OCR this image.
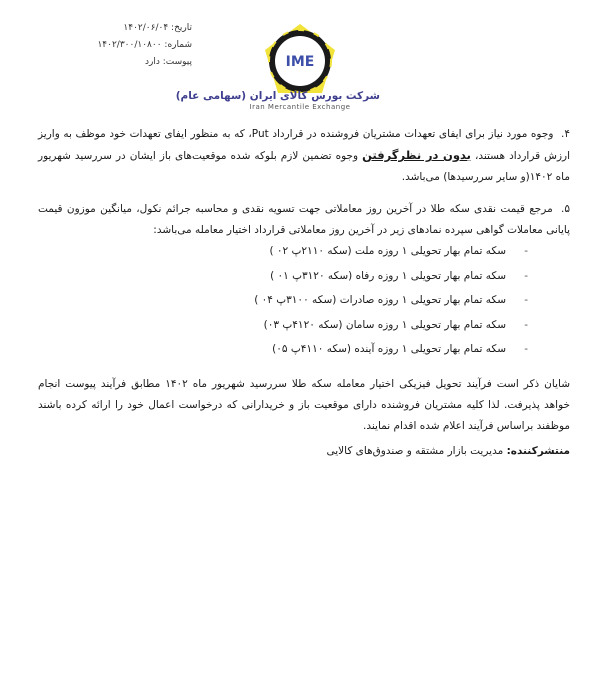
تاریخ: ۱۴۰۲/۰۶/۰۴
شماره: ۱۴۰۲/۳۰۰/۱۰۸۰۰
پیوست: دارد	IME
شرکت بورس کالای ایران (سهامی عام)
Iran Mercantile Exchange
۴. وجوه مورد نیاز برای ایفای تعهدات مشتریان فروشنده در قرارداد Put، که به منظور ایفای تعهدات خود موظف به واریز ارزش قرارداد هستند، بدون در نظرگرفتن وجوه تضمین لازم بلوکه شده موقعیت‌های باز ایشان در سررسید شهریور ماه ۱۴۰۲(و سایر سررسیدها) می‌باشد.
۵. مرجع قیمت نقدی سکه طلا در آخرین روز معاملاتی جهت تسویه نقدی و محاسبه جرائم نکول، میانگین موزون قیمت پایانی معاملات گواهی سپرده نمادهای زیر در آخرین روز معاملاتی قرارداد اختیار معامله می‌باشد:
-سکه تمام بهار تحویلی ۱ روزه ملت (سکه ۲۱۱۰پ ۰۲ )
-سکه تمام بهار تحویلی ۱ روزه رفاه (سکه ۳۱۲۰پ ۰۱ )
-سکه تمام بهار تحویلی ۱ روزه صادرات (سکه ۳۱۰۰پ ۰۴ )
-سکه تمام بهار تحویلی ۱ روزه سامان (سکه ۴۱۲۰پ ۰۳)
-سکه تمام بهار تحویلی ۱ روزه آینده (سکه ۴۱۱۰پ ۰۵)
شایان ذکر است فرآیند تحویل فیزیکی اختیار معامله سکه طلا سررسید شهریور ماه ۱۴۰۲ مطابق فرآیند پیوست انجام خواهد پذیرفت. لذا کلیه مشتریان فروشنده دارای موقعیت باز و خریدارانی که درخواست اعمال خود را ارائه کرده باشند موظفند براساس فرآیند اعلام شده اقدام نمایند.
منتشرکننده: مدیریت بازار مشتقه و صندوق‌های کالایی
